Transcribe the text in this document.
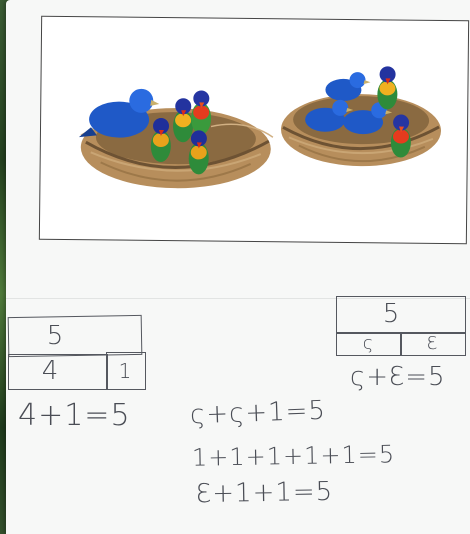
5
4	1
4+1=5
5
ς	Ɛ
ς+Ɛ=5
ς+ς+1=5
1+1+1+1+1=5
Ɛ+1+1=5
